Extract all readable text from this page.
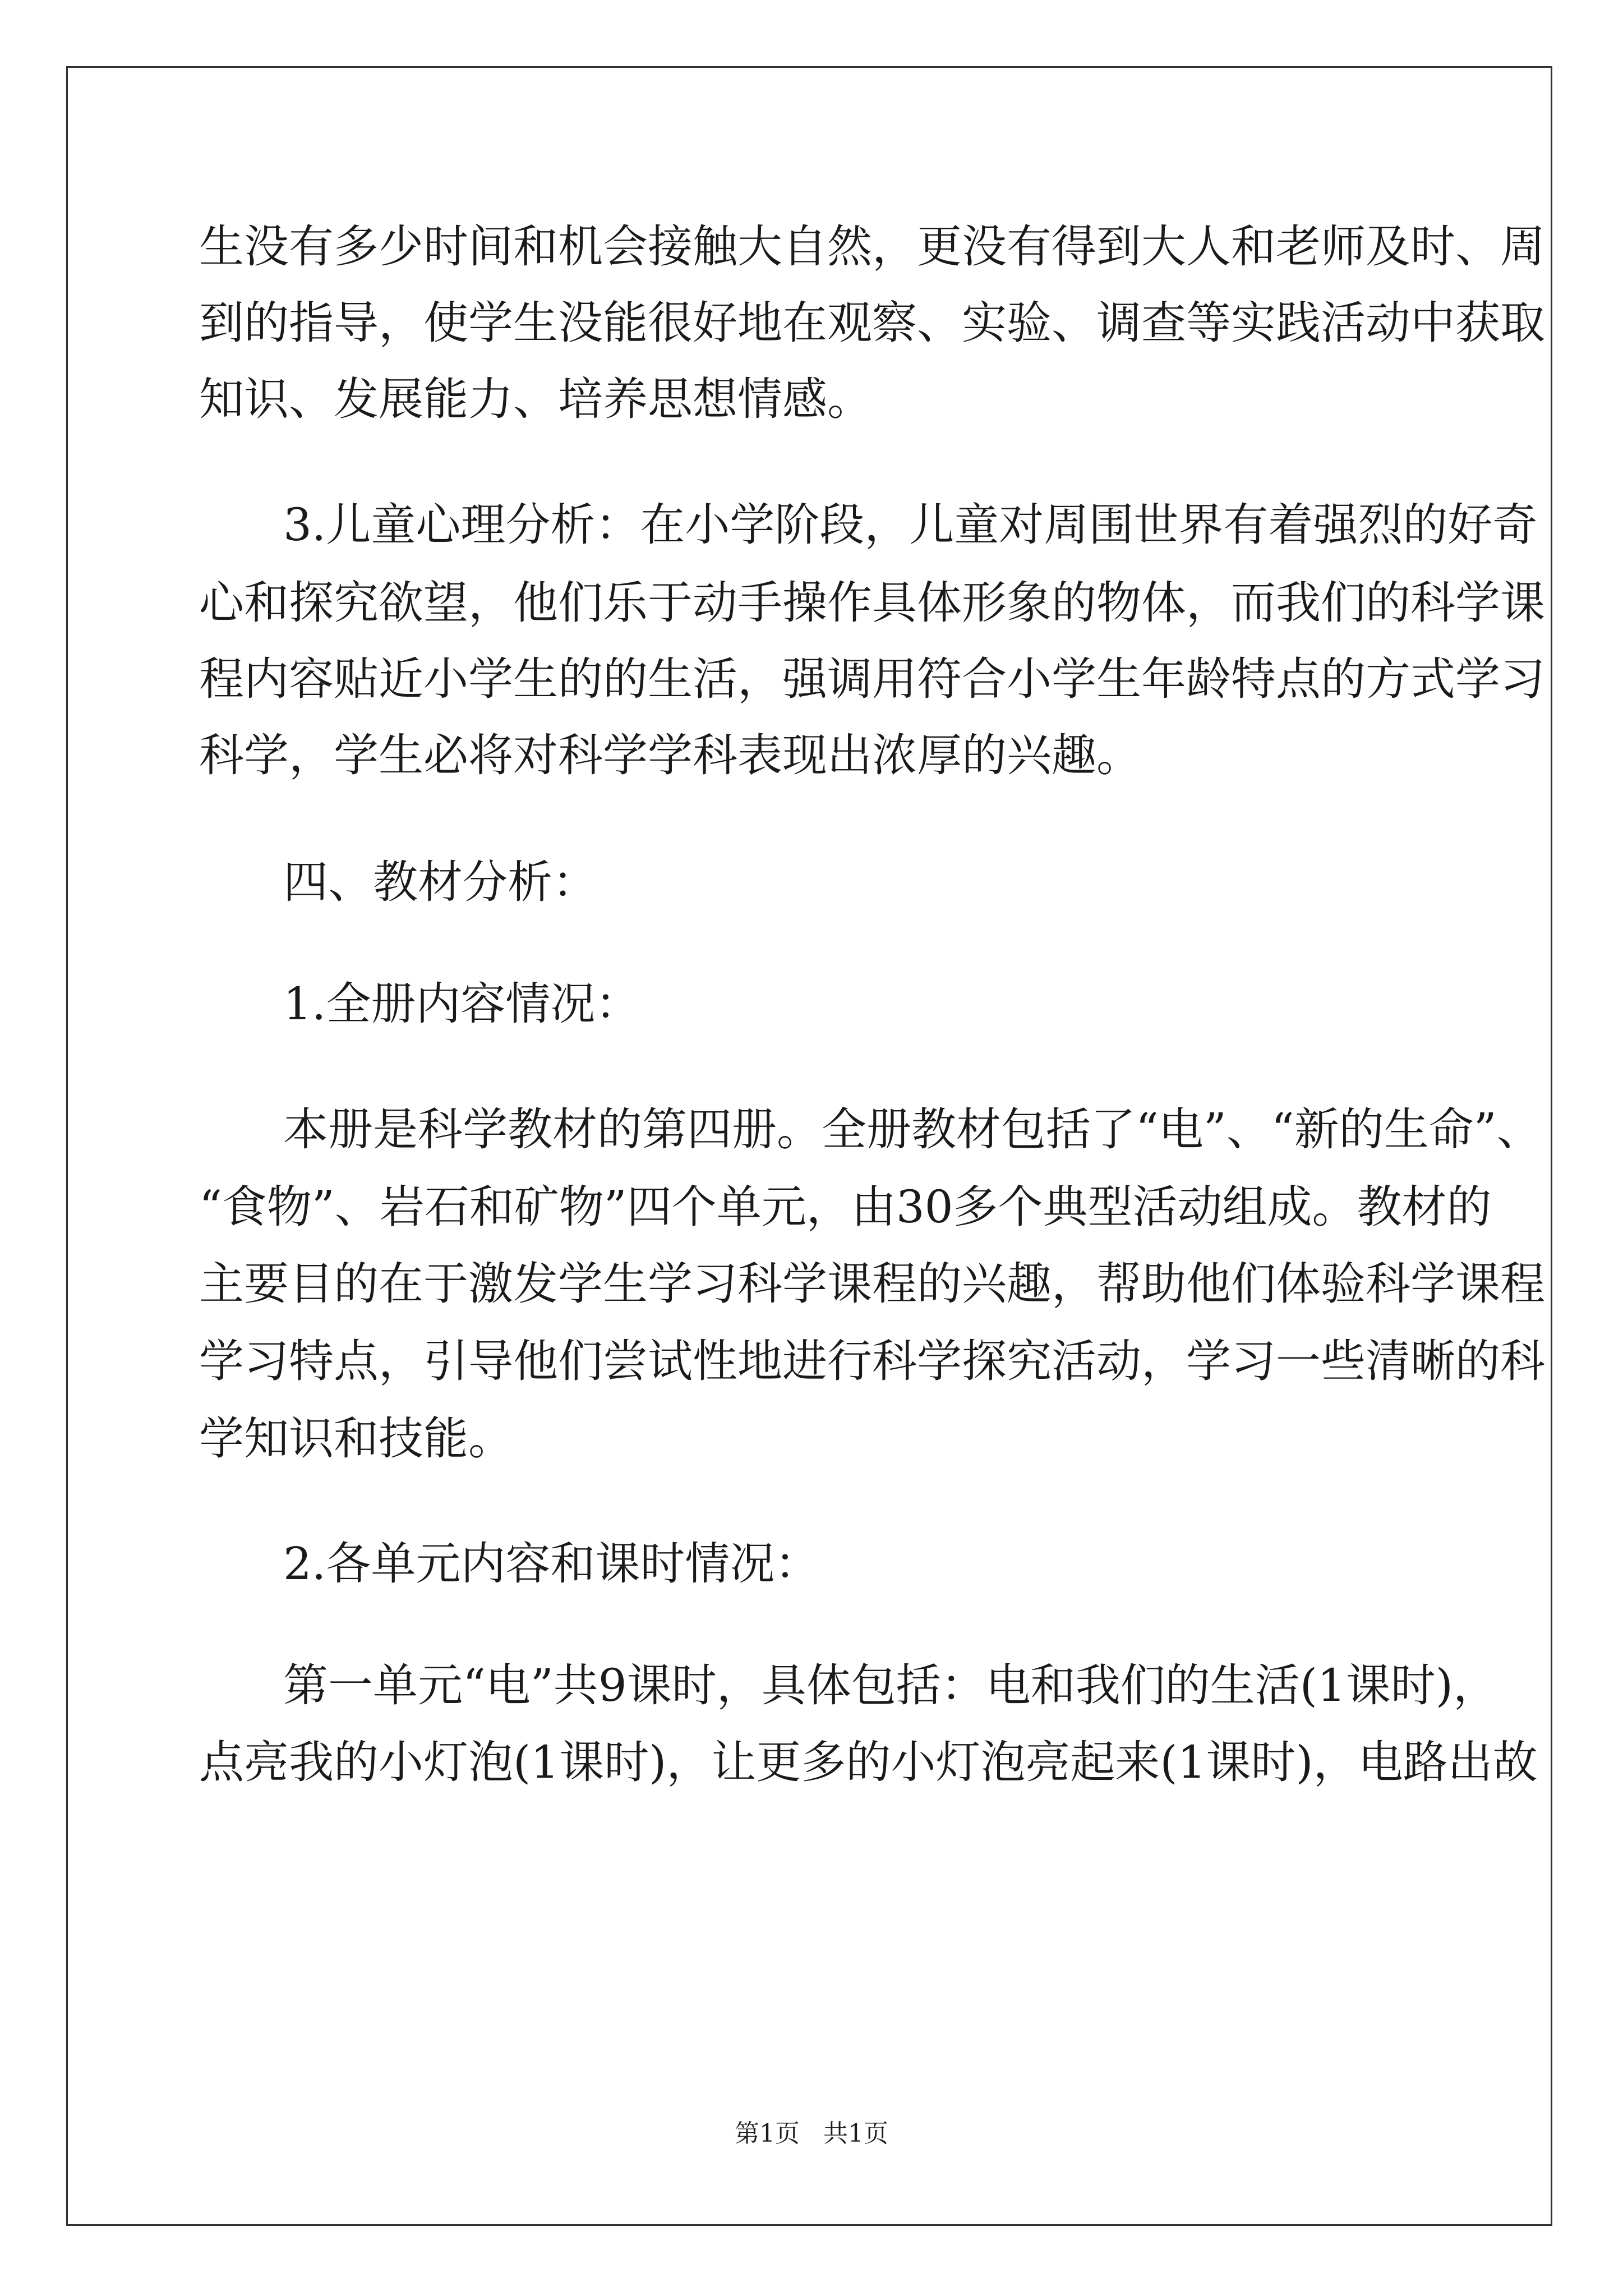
生没有多少时间和机会接触大自然，更没有得到大人和老师及时、周
到的指导，使学生没能很好地在观察、实验、调查等实践活动中获取
知识、发展能力、培养思想情感。
3.儿童心理分析：在小学阶段，儿童对周围世界有着强烈的好奇
心和探究欲望，他们乐于动手操作具体形象的物体，而我们的科学课
程内容贴近小学生的的生活，强调用符合小学生年龄特点的方式学习
科学，学生必将对科学学科表现出浓厚的兴趣。
四、教材分析：
1.全册内容情况：
本册是科学教材的第四册。全册教材包括了“电”、“新的生命”、
“食物”、岩石和矿物”四个单元，由30多个典型活动组成。教材的
主要目的在于激发学生学习科学课程的兴趣，帮助他们体验科学课程
学习特点，引导他们尝试性地进行科学探究活动，学习一些清晰的科
学知识和技能。
2.各单元内容和课时情况：
第一单元“电”共9课时，具体包括：电和我们的生活(1课时)，
点亮我的小灯泡(1课时)，让更多的小灯泡亮起来(1课时)，电路出故
第1页   共1页
